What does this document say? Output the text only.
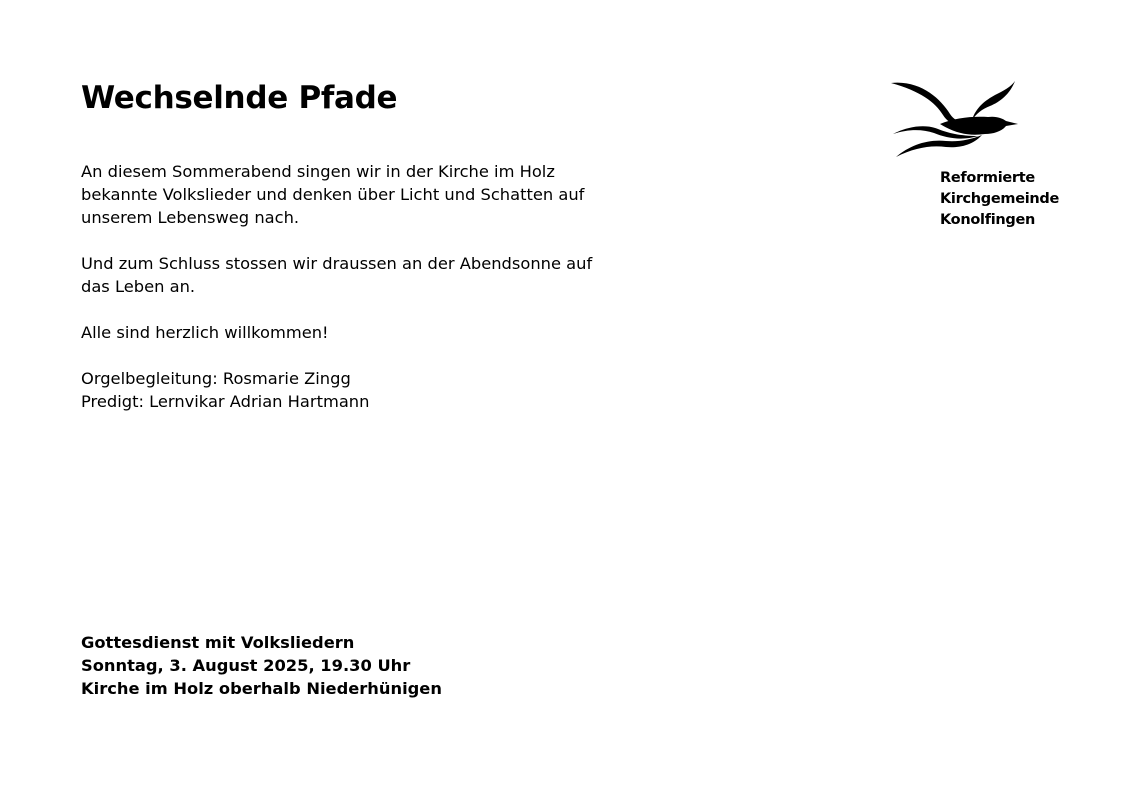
Wechselnde Pfade

An diesem Sommerabend singen wir in der Kirche im Holz
bekannte Volkslieder und denken über Licht und Schatten auf
unserem Lebensweg nach.

Und zum Schluss stossen wir draussen an der Abendsonne auf
das Leben an.

Alle sind herzlich willkommen!

Orgelbegleitung: Rosmarie Zingg
Predigt: Lernvikar Adrian Hartmann

Gottesdienst mit Volksliedern
Sonntag, 3. August 2025, 19.30 Uhr
Kirche im Holz oberhalb Niederhünigen
Reformierte
Kirchgemeinde
Konolfingen
